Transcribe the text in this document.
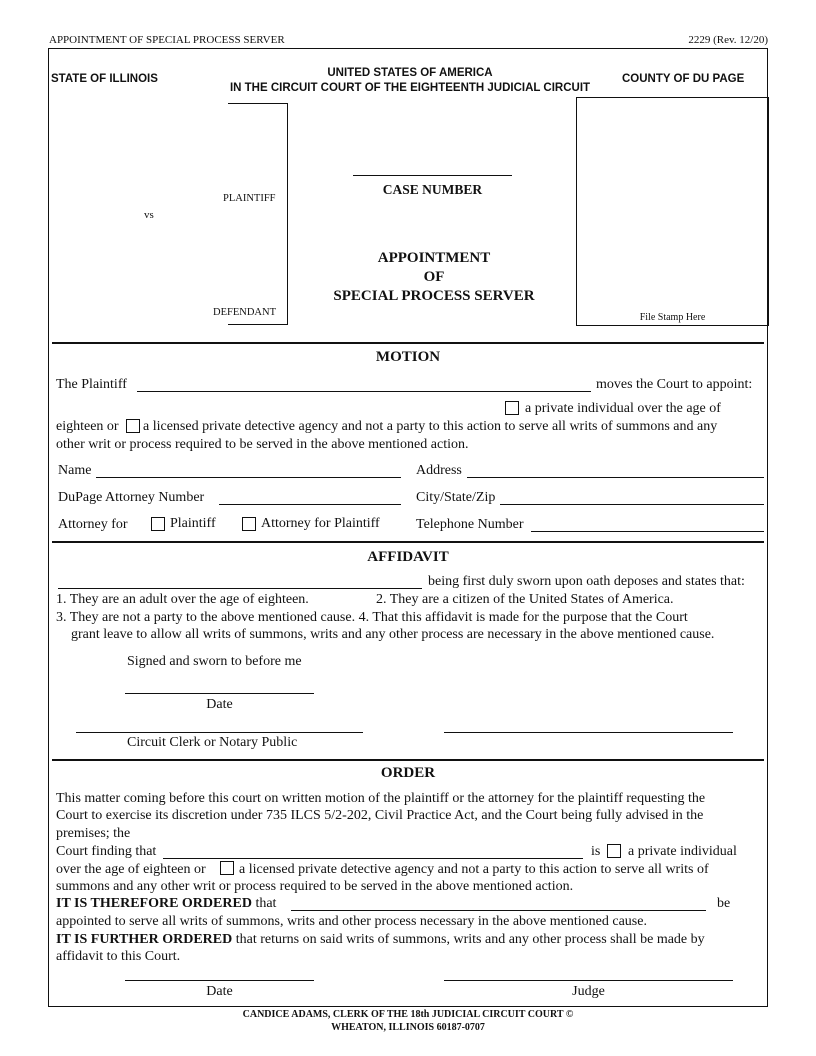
APPOINTMENT OF SPECIAL PROCESS SERVER	2229 (Rev. 12/20)
STATE OF ILLINOIS	UNITED STATES OF AMERICA
IN THE CIRCUIT COURT OF THE EIGHTEENTH JUDICIAL CIRCUIT
COUNTY OF DU PAGE
PLAINTIFF
vs
DEFENDANT
CASE NUMBER
APPOINTMENT
OF
SPECIAL PROCESS SERVER
File Stamp Here
MOTION
The Plaintiff	moves the Court to appoint:
a private individual over the age of
eighteen or a licensed private detective agency and not a party to this action to serve all writs of summons and any
other writ or process required to be served in the above mentioned action.
Name	Address
DuPage Attorney Number	City/State/Zip
Attorney for	Plaintiff	Attorney for Plaintiff	Telephone Number
AFFIDAVIT
being first duly sworn upon oath deposes and states that:
1. They are an adult over the age of eighteen.	2. They are a citizen of the United States of America.
3. They are not a party to the above mentioned cause. 4. That this affidavit is made for the purpose that the Court
grant leave to allow all writs of summons, writs and any other process are necessary in the above mentioned cause.
Signed and sworn to before me
Date
Circuit Clerk or Notary Public
ORDER
This matter coming before this court on written motion of the plaintiff or the attorney for the plaintiff requesting the
Court to exercise its discretion under 735 ILCS 5/2-202, Civil Practice Act, and the Court being fully advised in the
premises; the
Court finding that	is a private individual
over the age of eighteen or a licensed private detective agency and not a party to this action to serve all writs of
summons and any other writ or process required to be served in the above mentioned action.
IT IS THEREFORE ORDERED that	be
appointed to serve all writs of summons, writs and other process necessary in the above mentioned cause.
IT IS FURTHER ORDERED that returns on said writs of summons, writs and any other process shall be made by
affidavit to this Court.
Date	Judge
CANDICE ADAMS, CLERK OF THE 18th JUDICIAL CIRCUIT COURT ©
WHEATON, ILLINOIS 60187-0707
